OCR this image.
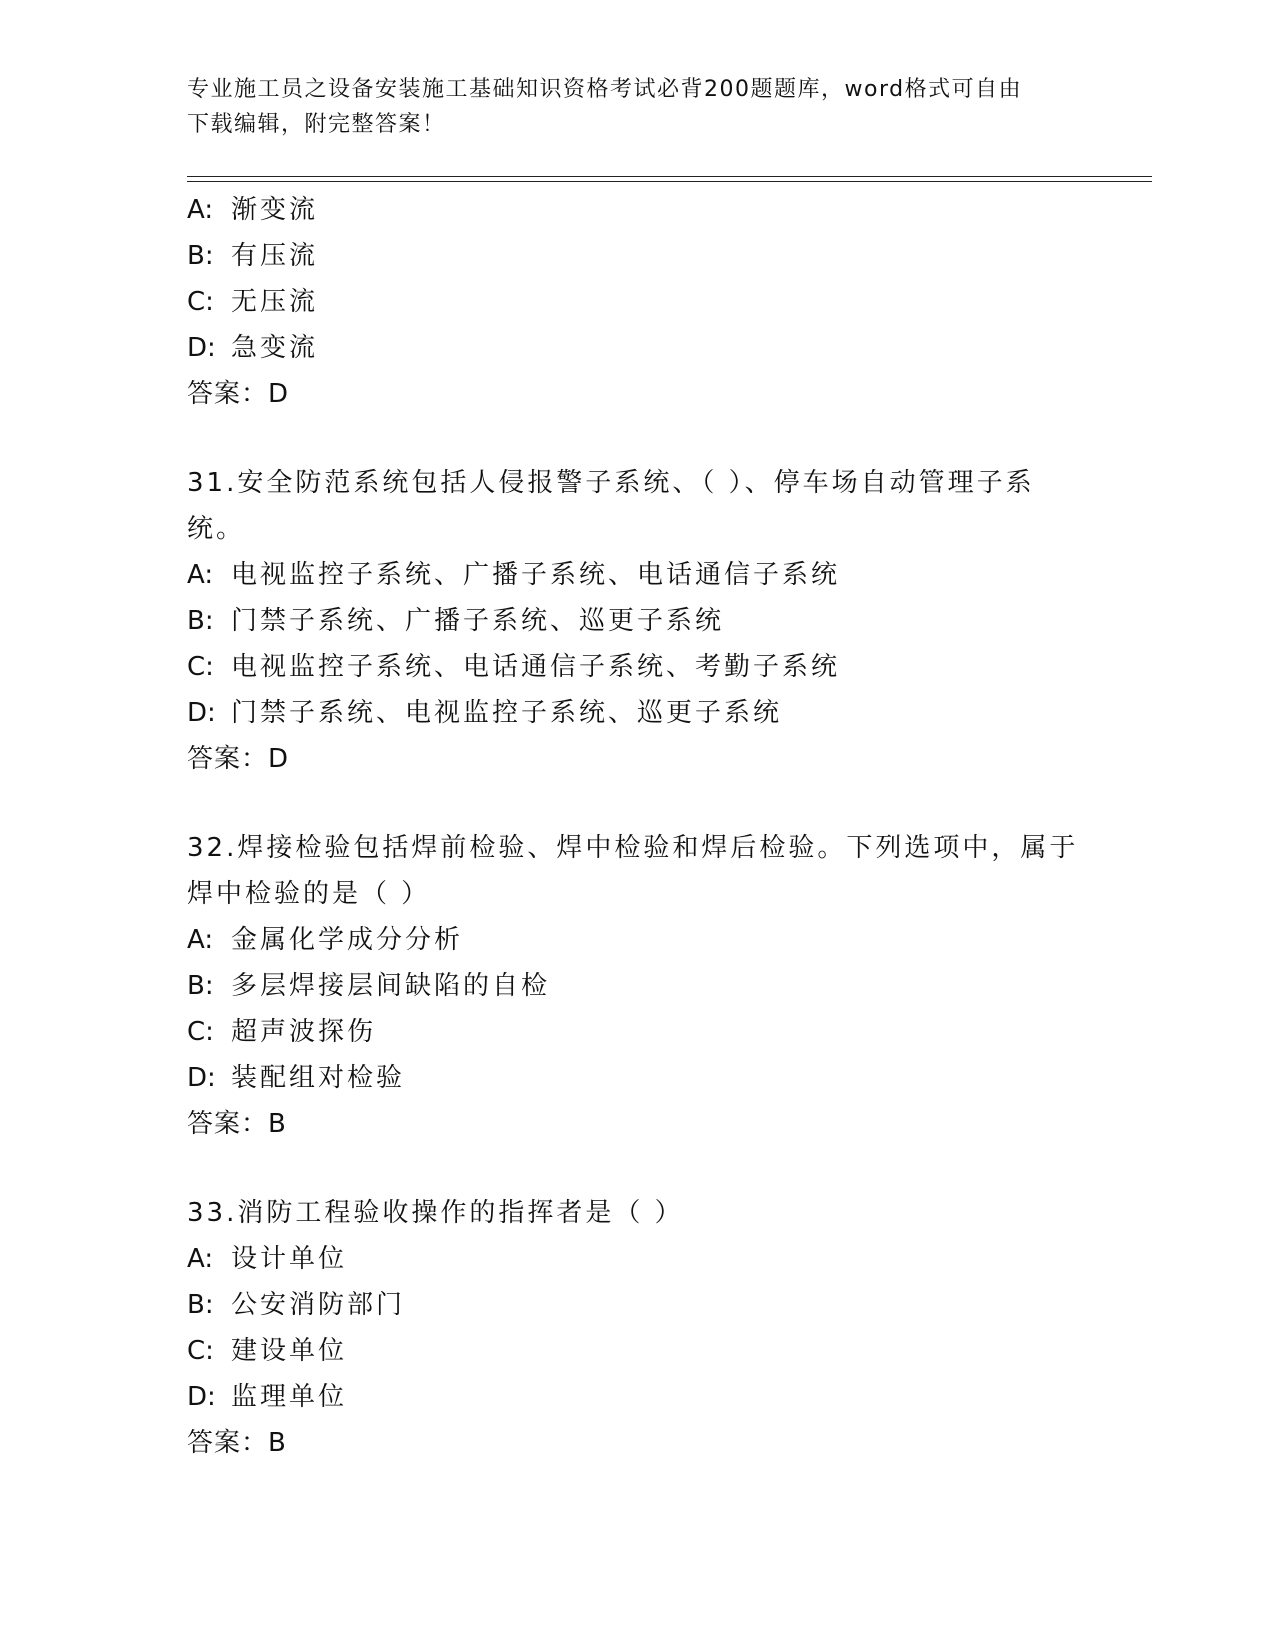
专业施工员之设备安装施工基础知识资格考试必背200题题库，word格式可自由
下载编辑，附完整答案！
A: 渐变流
B: 有压流
C: 无压流
D: 急变流
答案：D
31.安全防范系统包括人侵报警子系统、（ ）、停车场自动管理子系
统。
A: 电视监控子系统、广播子系统、电话通信子系统
B: 门禁子系统、广播子系统、巡更子系统
C: 电视监控子系统、电话通信子系统、考勤子系统
D: 门禁子系统、电视监控子系统、巡更子系统
答案：D
32.焊接检验包括焊前检验、焊中检验和焊后检验。下列选项中，属于
焊中检验的是（ ）
A: 金属化学成分分析
B: 多层焊接层间缺陷的自检
C: 超声波探伤
D: 装配组对检验
答案：B
33.消防工程验收操作的指挥者是（ ）
A: 设计单位
B: 公安消防部门
C: 建设单位
D: 监理单位
答案：B
